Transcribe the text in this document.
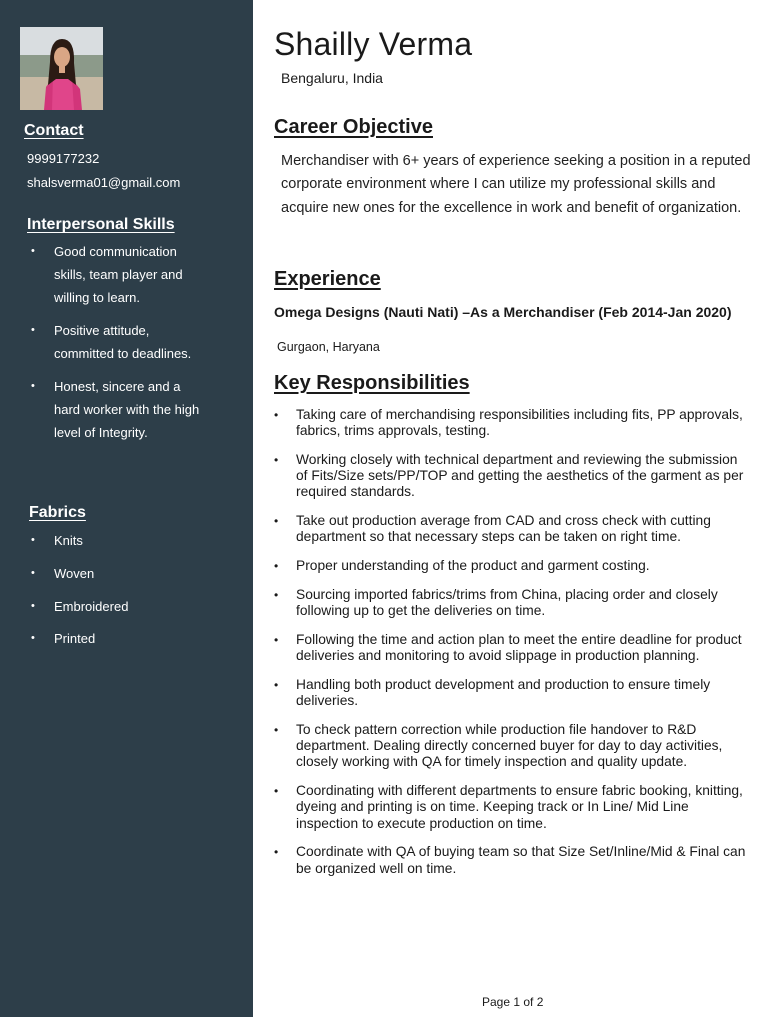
Contact

9999177232

shalsverma01@gmail.com

Interpersonal Skills
• Good communication
skills, team player and
willing to learn.
• Positive attitude,
committed to deadlines.
• Honest, sincere and a
hard worker with the high
level of Integrity.
Fabrics
• Knits
• Woven
• Embroidered
• Printed
Shailly Verma

Bengaluru, India

Career Objective

Merchandiser with 6+ years of experience seeking a position in a reputed corporate environment where I can utilize my professional skills and acquire new ones for the excellence in work and benefit of organization.

Experience

Omega Designs (Nauti Nati) –As a Merchandiser (Feb 2014-Jan 2020)

Gurgaon, Haryana

Key Responsibilities
• Taking care of merchandising responsibilities including fits, PP approvals, fabrics, trims approvals, testing.
• Working closely with technical department and reviewing the submission of Fits/Size sets/PP/TOP and getting the aesthetics of the garment as per required standards.
• Take out production average from CAD and cross check with cutting department so that necessary steps can be taken on right time.
• Proper understanding of the product and garment costing.
• Sourcing imported fabrics/trims from China, placing order and closely following up to get the deliveries on time.
• Following the time and action plan to meet the entire deadline for product deliveries and monitoring to avoid slippage in production planning.
• Handling both product development and production to ensure timely deliveries.
• To check pattern correction while production file handover to R&D department. Dealing directly concerned buyer for day to day activities, closely working with QA for timely inspection and quality update.
• Coordinating with different departments to ensure fabric booking, knitting, dyeing and printing is on time. Keeping track or In Line/ Mid Line inspection to execute production on time.
• Coordinate with QA of buying team so that Size Set/Inline/Mid & Final can be organized well on time.

Page 1 of 2
